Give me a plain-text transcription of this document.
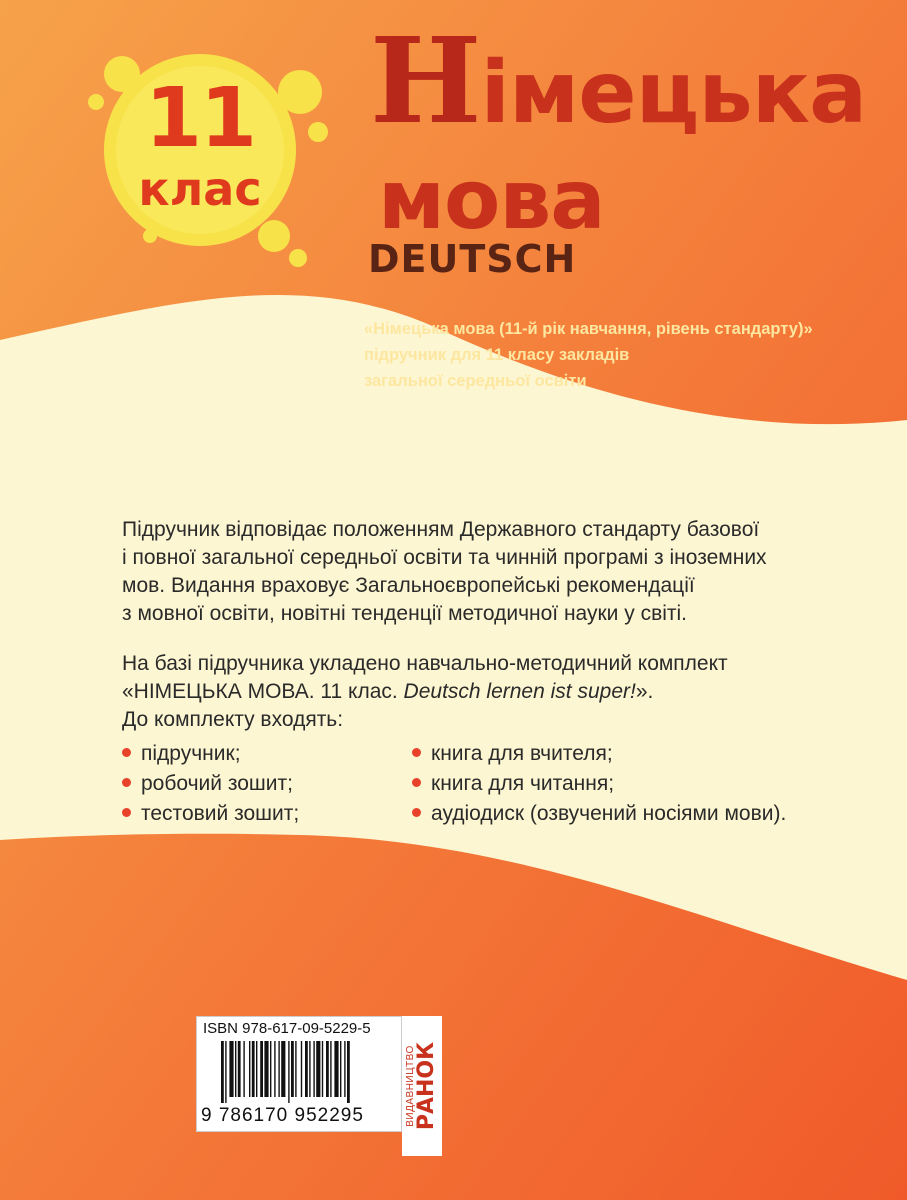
11
клас
Німецька
мова
DEUTSCH
«Німецька мова (11-й рік навчання, рівень стандарту)»
підручник для 11 класу закладів
загальної середньої освіти

Підручник відповідає положенням Державного стандарту базової

і повної загальної середньої освіти та чинній програмі з іноземних

мов. Видання враховує Загальноєвропейські рекомендації

з мовної освіти, новітні тенденції методичної науки у світі.

На базі підручника укладено навчально-методичний комплект

«НІМЕЦЬКА МОВА. 11 клас. Deutsch lernen ist super!».

До комплекту входять:

підручник;
робочий зошит;
тестовий зошит;
книга для вчителя;
книга для читання;
аудіодиск (озвучений носіями мови).
ISBN 978-617-09-5229-5
9 786170 952295	ВИДАВНИЦТВО
РАНОК
